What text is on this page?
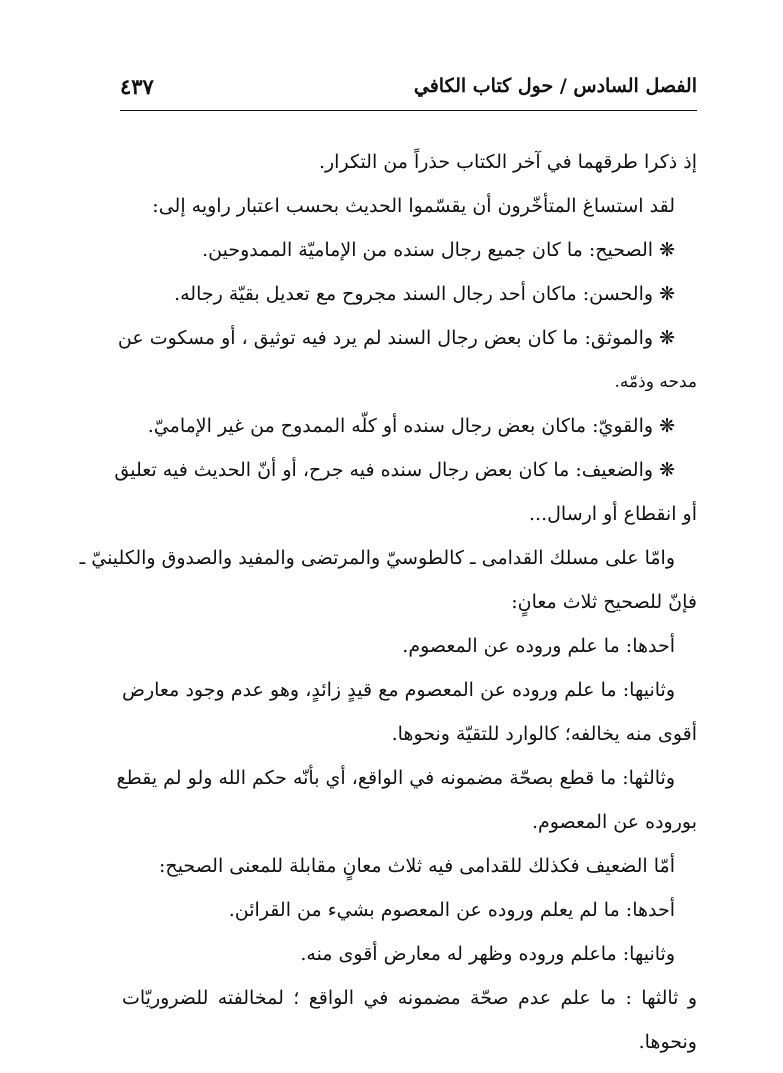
الفصل السادس / حول كتاب الكافي
٤٣٧
إذ ذكرا طرقهما في آخر الكتاب حذراً من التكرار.
لقد استساغ المتأخّرون أن يقسّموا الحديث بحسب اعتبار راويه إلى:
❋ الصحيح: ما كان جميع رجال سنده من الإماميّة الممدوحين.
❋ والحسن: ماكان أحد رجال السند مجروح مع تعديل بقيّة رجاله.
❋ والموثق: ما كان بعض رجال السند لم يرد فيه توثيق ، أو مسكوت عن
مدحه وذمّه.
❋ والقويّ: ماكان بعض رجال سنده أو كلّه الممدوح من غير الإماميّ.
❋ والضعيف: ما كان بعض رجال سنده فيه جرح، أو أنّ الحديث فيه تعليق
أو انقطاع أو ارسال...
وامّا على مسلك القدامى ـ كالطوسيّ والمرتضى والمفيد والصدوق والكلينيّ ـ
فإنّ للصحيح ثلاث معانٍ:
أحدها: ما علم وروده عن المعصوم.
وثانيها: ما علم وروده عن المعصوم مع قيدٍ زائدٍ، وهو عدم وجود معارض
أقوى منه يخالفه؛ كالوارد للتقيّة ونحوها.
وثالثها: ما قطع بصحّة مضمونه في الواقع، أي بأنّه حكم الله ولو لم يقطع
بوروده عن المعصوم.
أمّا الضعيف فكذلك للقدامى فيه ثلاث معانٍ مقابلة للمعنى الصحيح:
أحدها: ما لم يعلم وروده عن المعصوم بشيء من القرائن.
وثانيها: ماعلم وروده وظهر له معارض أقوى منه.
و ثالثها : ما علم عدم صحّة مضمونه في الواقع ؛ لمخالفته للضروريّات
ونحوها.
